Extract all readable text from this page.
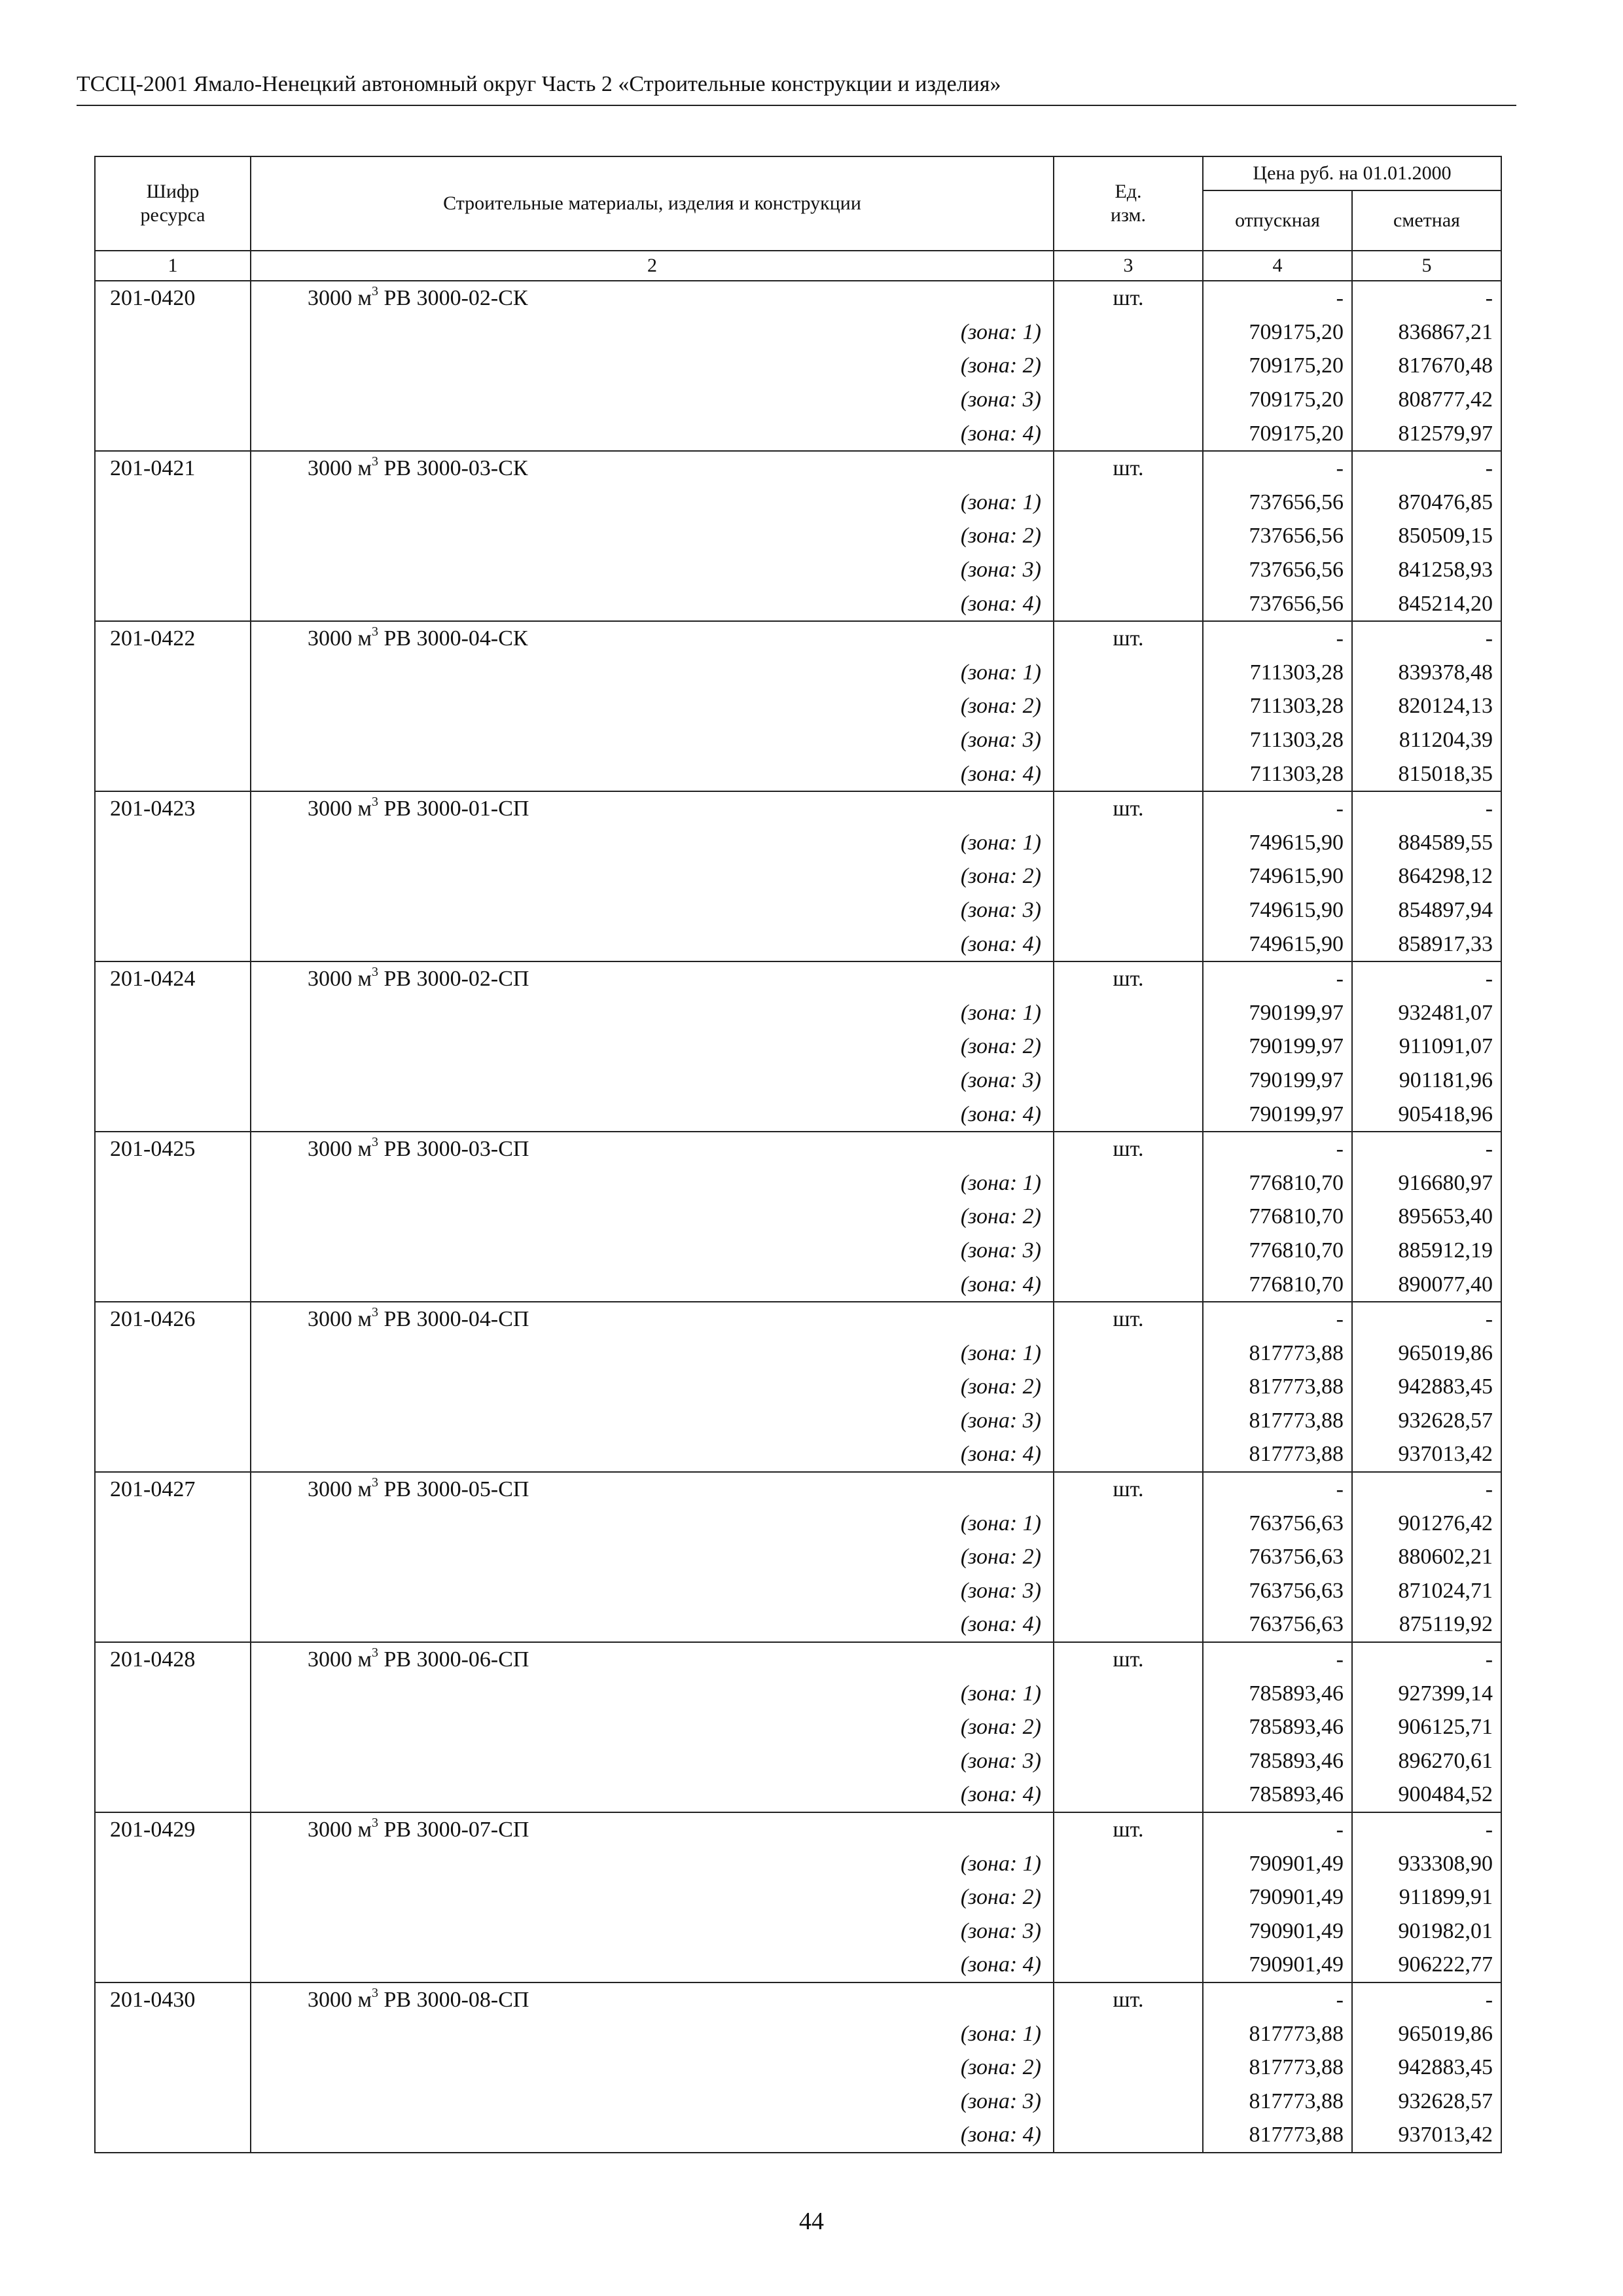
ТССЦ-2001 Ямало-Ненецкий автономный округ Часть 2 «Строительные конструкции и изделия»
Шифр
ресурса	Строительные материалы, изделия и конструкции	Ед.
изм.	Цена руб. на 01.01.2000	
			отпускная	сметная
1	2	3	4	5
201-0420	3000 $м^3$ РВ 3000-02-СК	шт.	-	-
	(зона: 1)		709175,20	836867,21
	(зона: 2)		709175,20	817670,48
	(зона: 3)		709175,20	808777,42
	(зона: 4)		709175,20	812579,97
201-0421	3000 $м^3$ РВ 3000-03-СК	шт.	-	-
	(зона: 1)		737656,56	870476,85
	(зона: 2)		737656,56	850509,15
	(зона: 3)		737656,56	841258,93
	(зона: 4)		737656,56	845214,20
201-0422	3000 $м^3$ РВ 3000-04-СК	шт.	-	-
	(зона: 1)		711303,28	839378,48
	(зона: 2)		711303,28	820124,13
	(зона: 3)		711303,28	811204,39
	(зона: 4)		711303,28	815018,35
201-0423	3000 $м^3$ РВ 3000-01-СП	шт.	-	-
	(зона: 1)		749615,90	884589,55
	(зона: 2)		749615,90	864298,12
	(зона: 3)		749615,90	854897,94
	(зона: 4)		749615,90	858917,33
201-0424	3000 $м^3$ РВ 3000-02-СП	шт.	-	-
	(зона: 1)		790199,97	932481,07
	(зона: 2)		790199,97	911091,07
	(зона: 3)		790199,97	901181,96
	(зона: 4)		790199,97	905418,96
201-0425	3000 $м^3$ РВ 3000-03-СП	шт.	-	-
	(зона: 1)		776810,70	916680,97
	(зона: 2)		776810,70	895653,40
	(зона: 3)		776810,70	885912,19
	(зона: 4)		776810,70	890077,40
201-0426	3000 $м^3$ РВ 3000-04-СП	шт.	-	-
	(зона: 1)		817773,88	965019,86
	(зона: 2)		817773,88	942883,45
	(зона: 3)		817773,88	932628,57
	(зона: 4)		817773,88	937013,42
201-0427	3000 $м^3$ РВ 3000-05-СП	шт.	-	-
	(зона: 1)		763756,63	901276,42
	(зона: 2)		763756,63	880602,21
	(зона: 3)		763756,63	871024,71
	(зона: 4)		763756,63	875119,92
201-0428	3000 $м^3$ РВ 3000-06-СП	шт.	-	-
	(зона: 1)		785893,46	927399,14
	(зона: 2)		785893,46	906125,71
	(зона: 3)		785893,46	896270,61
	(зона: 4)		785893,46	900484,52
201-0429	3000 $м^3$ РВ 3000-07-СП	шт.	-	-
	(зона: 1)		790901,49	933308,90
	(зона: 2)		790901,49	911899,91
	(зона: 3)		790901,49	901982,01
	(зона: 4)		790901,49	906222,77
201-0430	3000 $м^3$ РВ 3000-08-СП	шт.	-	-
	(зона: 1)		817773,88	965019,86
	(зона: 2)		817773,88	942883,45
	(зона: 3)		817773,88	932628,57
	(зона: 4)		817773,88	937013,42
44
